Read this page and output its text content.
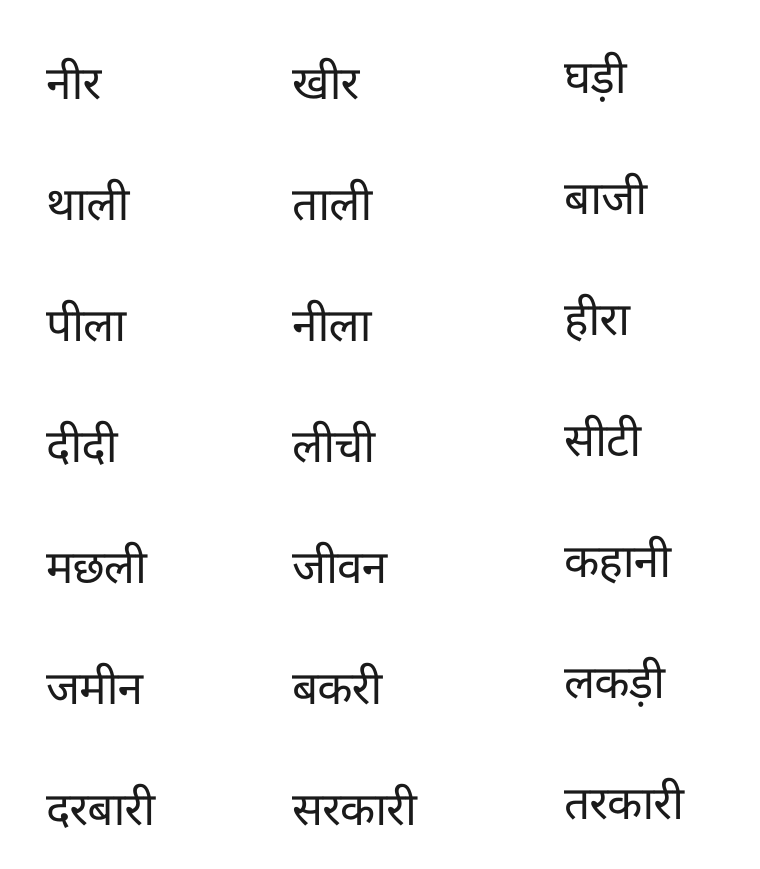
नीर	खीर	घड़ी
थाली	ताली	बाजी
पीला	नीला	हीरा
दीदी	लीची	सीटी
मछली	जीवन	कहानी
जमीन	बकरी	लकड़ी
दरबारी	सरकारी	तरकारी
